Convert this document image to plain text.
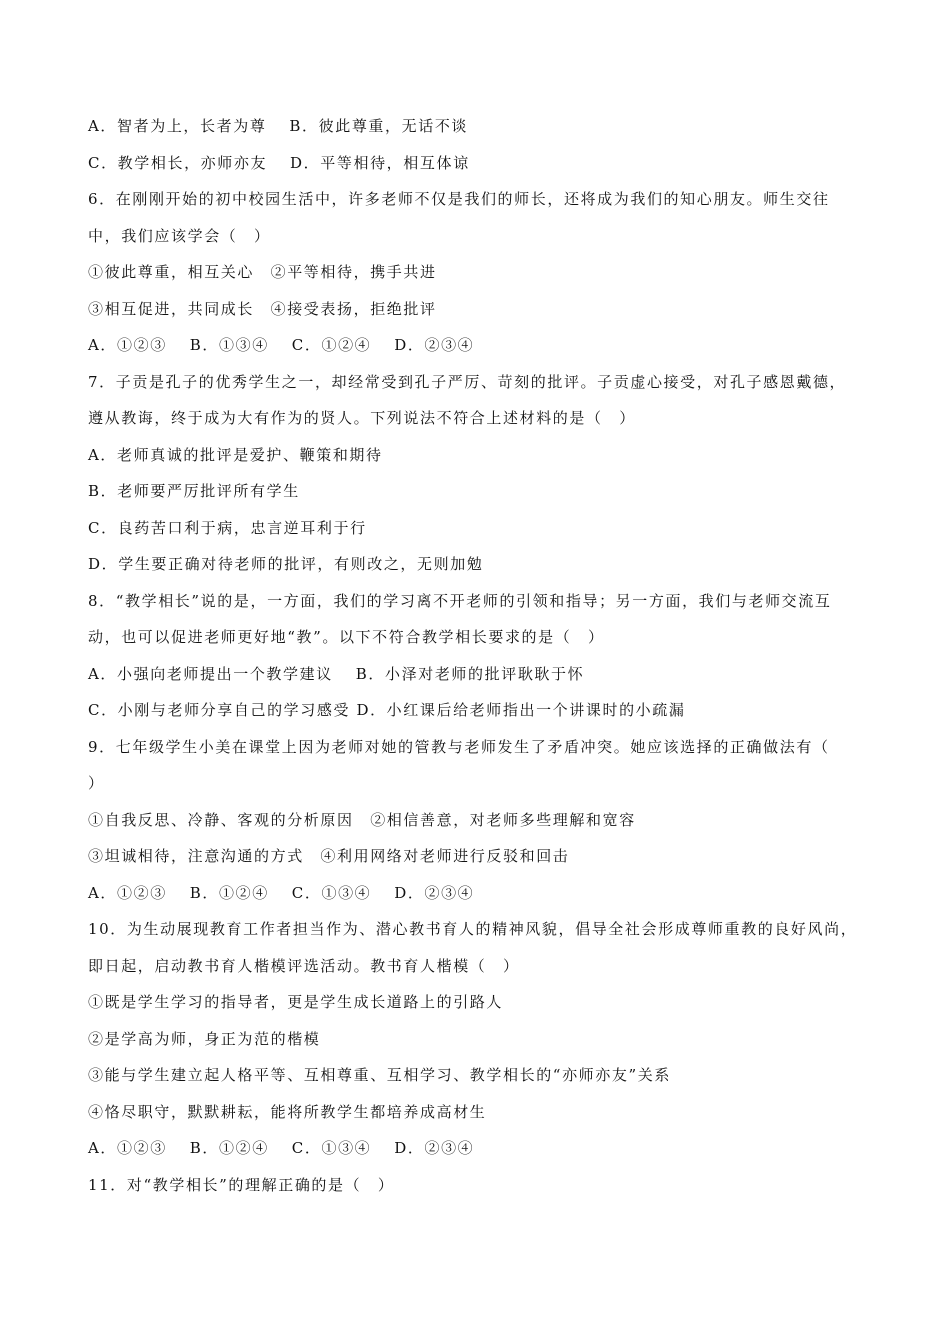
A．智者为上，长者为尊　 B．彼此尊重，无话不谈
C．教学相长，亦师亦友　 D．平等相待，相互体谅
6．在刚刚开始的初中校园生活中，许多老师不仅是我们的师长，还将成为我们的知心朋友。师生交往
中，我们应该学会（　）
①彼此尊重，相互关心　②平等相待，携手共进
③相互促进，共同成长　④接受表扬，拒绝批评
A．①②③　 B．①③④　 C．①②④　 D．②③④
7．子贡是孔子的优秀学生之一，却经常受到孔子严厉、苛刻的批评。子贡虚心接受，对孔子感恩戴德，
遵从教诲，终于成为大有作为的贤人。下列说法不符合上述材料的是（　）
A．老师真诚的批评是爱护、鞭策和期待
B．老师要严厉批评所有学生
C．良药苦口利于病，忠言逆耳利于行
D．学生要正确对待老师的批评，有则改之，无则加勉
8．“教学相长”说的是，一方面，我们的学习离不开老师的引领和指导；另一方面，我们与老师交流互
动，也可以促进老师更好地“教”。以下不符合教学相长要求的是（　）
A．小强向老师提出一个教学建议　 B．小泽对老师的批评耿耿于怀
C．小刚与老师分享自己的学习感受 D．小红课后给老师指出一个讲课时的小疏漏
9．七年级学生小美在课堂上因为老师对她的管教与老师发生了矛盾冲突。她应该选择的正确做法有（
）
①自我反思、冷静、客观的分析原因　②相信善意，对老师多些理解和宽容
③坦诚相待，注意沟通的方式　④利用网络对老师进行反驳和回击
A．①②③　 B．①②④　 C．①③④　 D．②③④
10．为生动展现教育工作者担当作为、潜心教书育人的精神风貌，倡导全社会形成尊师重教的良好风尚，
即日起，启动教书育人楷模评选活动。教书育人楷模（　）
①既是学生学习的指导者，更是学生成长道路上的引路人
②是学高为师，身正为范的楷模
③能与学生建立起人格平等、互相尊重、互相学习、教学相长的“亦师亦友”关系
④恪尽职守，默默耕耘，能将所教学生都培养成高材生
A．①②③　 B．①②④　 C．①③④　 D．②③④
11．对“教学相长”的理解正确的是（　）
